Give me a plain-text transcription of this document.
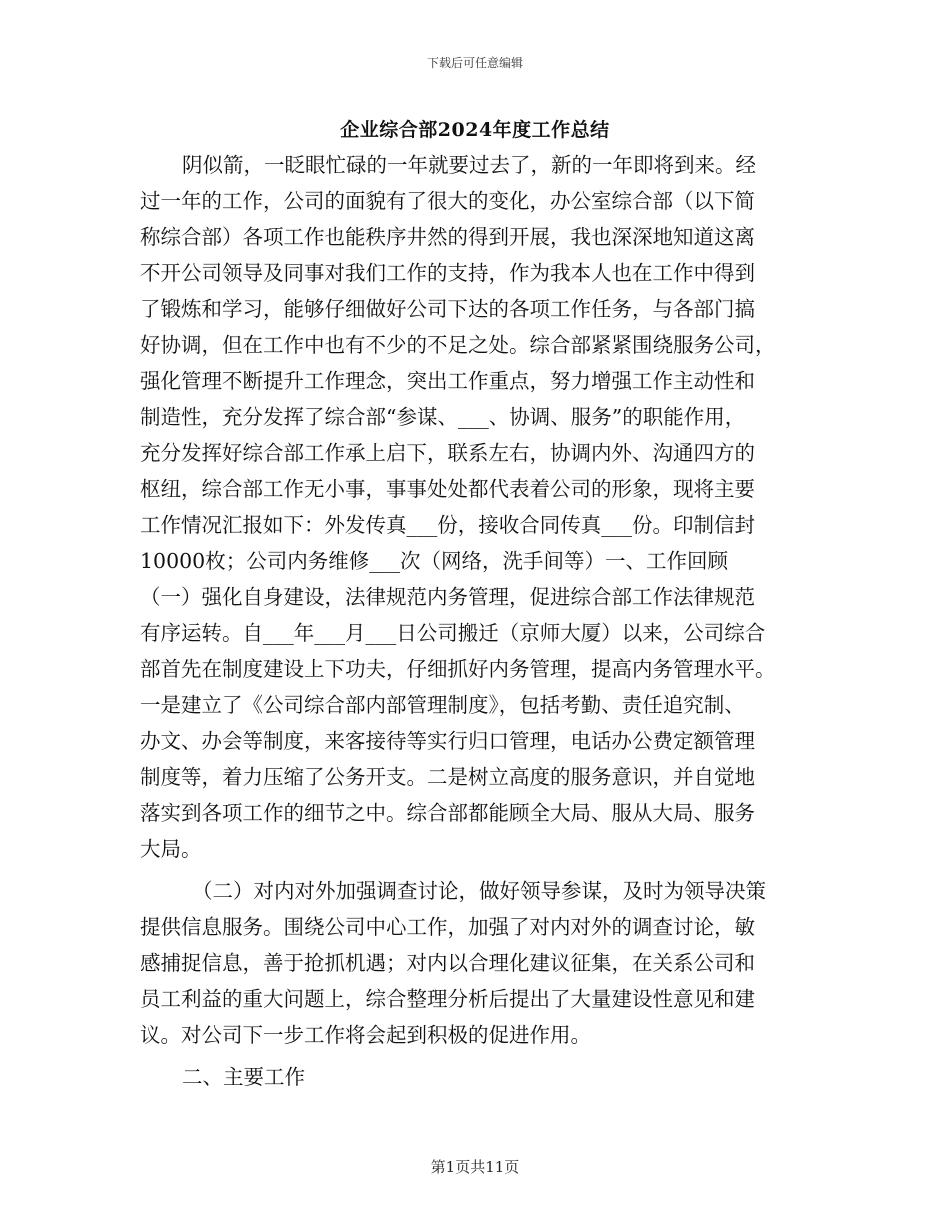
下载后可任意编辑
企业综合部2024年度工作总结
阴似箭，一眨眼忙碌的一年就要过去了，新的一年即将到来。经
过一年的工作，公司的面貌有了很大的变化，办公室综合部（以下简
称综合部）各项工作也能秩序井然的得到开展，我也深深地知道这离
不开公司领导及同事对我们工作的支持，作为我本人也在工作中得到
了锻炼和学习，能够仔细做好公司下达的各项工作任务，与各部门搞
好协调，但在工作中也有不少的不足之处。综合部紧紧围绕服务公司，
强化管理不断提升工作理念，突出工作重点，努力增强工作主动性和
制造性，充分发挥了综合部“参谋、___、协调、服务”的职能作用，
充分发挥好综合部工作承上启下，联系左右，协调内外、沟通四方的
枢纽，综合部工作无小事，事事处处都代表着公司的形象，现将主要
工作情况汇报如下：外发传真___份，接收合同传真___份。印制信封
10000枚；公司内务维修___次（网络，洗手间等）一、工作回顾
（一）强化自身建设，法律规范内务管理，促进综合部工作法律规范
有序运转。自___年___月___日公司搬迁（京师大厦）以来，公司综合
部首先在制度建设上下功夫，仔细抓好内务管理，提高内务管理水平。
一是建立了《公司综合部内部管理制度》，包括考勤、责任追究制、
办文、办会等制度，来客接待等实行归口管理，电话办公费定额管理
制度等，着力压缩了公务开支。二是树立高度的服务意识，并自觉地
落实到各项工作的细节之中。综合部都能顾全大局、服从大局、服务
大局。
（二）对内对外加强调查讨论，做好领导参谋，及时为领导决策
提供信息服务。围绕公司中心工作，加强了对内对外的调查讨论，敏
感捕捉信息，善于抢抓机遇；对内以合理化建议征集，在关系公司和
员工利益的重大问题上，综合整理分析后提出了大量建设性意见和建
议。对公司下一步工作将会起到积极的促进作用。
二、主要工作
第1页共11页
